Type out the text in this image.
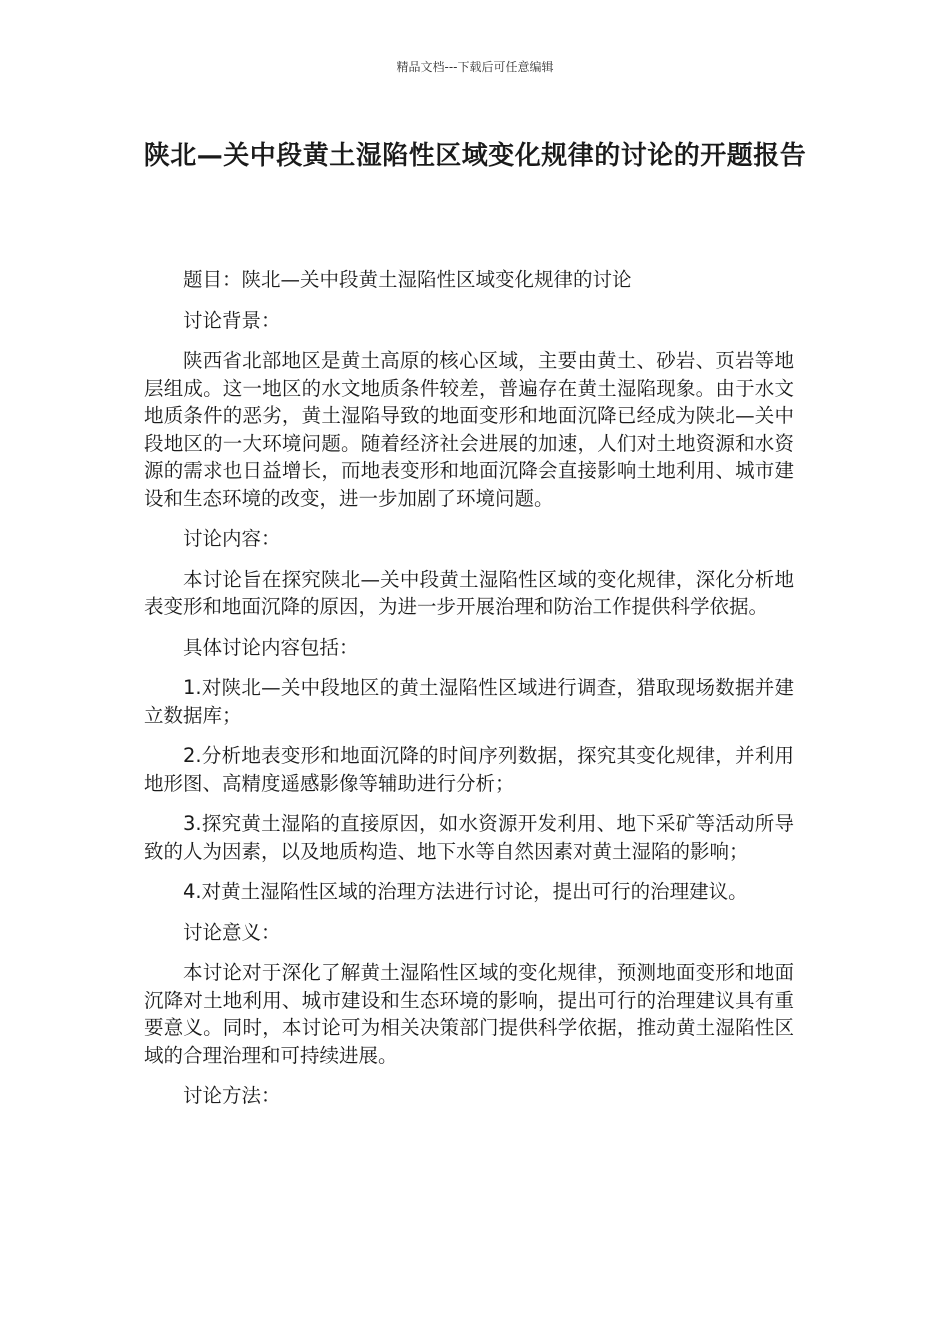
精品文档---下载后可任意编辑
陕北—关中段黄土湿陷性区域变化规律的讨论的开题报告

题目：陕北—关中段黄土湿陷性区域变化规律的讨论

讨论背景：

陕西省北部地区是黄土高原的核心区域，主要由黄土、砂岩、页岩等地层组成。这一地区的水文地质条件较差，普遍存在黄土湿陷现象。由于水文地质条件的恶劣，黄土湿陷导致的地面变形和地面沉降已经成为陕北—关中段地区的一大环境问题。随着经济社会进展的加速，人们对土地资源和水资源的需求也日益增长，而地表变形和地面沉降会直接影响土地利用、城市建设和生态环境的改变，进一步加剧了环境问题。

讨论内容：

本讨论旨在探究陕北—关中段黄土湿陷性区域的变化规律，深化分析地表变形和地面沉降的原因，为进一步开展治理和防治工作提供科学依据。

具体讨论内容包括：

1.对陕北—关中段地区的黄土湿陷性区域进行调查，猎取现场数据并建立数据库；

2.分析地表变形和地面沉降的时间序列数据，探究其变化规律，并利用地形图、高精度遥感影像等辅助进行分析；

3.探究黄土湿陷的直接原因，如水资源开发利用、地下采矿等活动所导致的人为因素，以及地质构造、地下水等自然因素对黄土湿陷的影响；

4.对黄土湿陷性区域的治理方法进行讨论，提出可行的治理建议。

讨论意义：

本讨论对于深化了解黄土湿陷性区域的变化规律，预测地面变形和地面沉降对土地利用、城市建设和生态环境的影响，提出可行的治理建议具有重要意义。同时，本讨论可为相关决策部门提供科学依据，推动黄土湿陷性区域的合理治理和可持续进展。

讨论方法：
